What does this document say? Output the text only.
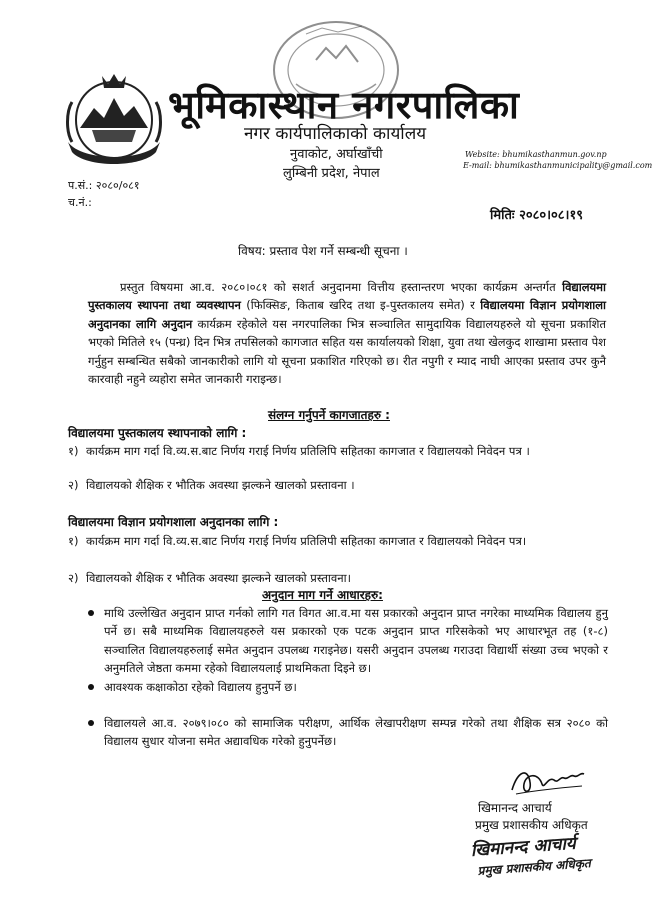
भूमिकास्थान नगरपालिका
नगर कार्यपालिकाको कार्यालय
नुवाकोट, अर्घाखाँची
लुम्बिनी प्रदेश, नेपाल
Website: bhumikasthanmun.gov.np
E-mail: bhumikasthanmunicipality@gmail.com
प.सं.: २०८०/०८१
च.नं.:
मितिः २०८०।०८।१९
विषय: प्रस्ताव पेश गर्ने सम्बन्धी सूचना ।
प्रस्तुत विषयमा आ.व. २०८०।०८१ को सशर्त अनुदानमा वित्तीय हस्तान्तरण भएका कार्यक्रम अन्तर्गत विद्यालयमा पुस्तकालय स्थापना तथा व्यवस्थापन (फिक्सिङ, किताब खरिद तथा इ-पुस्तकालय समेत) र विद्यालयमा विज्ञान प्रयोगशाला अनुदानका लागि अनुदान कार्यक्रम रहेकोले यस नगरपालिका भित्र सञ्चालित सामुदायिक विद्यालयहरुले यो सूचना प्रकाशित भएको मितिले १५ (पन्ध्र) दिन भित्र तपसिलको कागजात सहित यस कार्यालयको शिक्षा, युवा तथा खेलकुद शाखामा प्रस्ताव पेश गर्नुहुन सम्बन्धित सबैको जानकारीको लागि यो सूचना प्रकाशित गरिएको छ। रीत नपुगी र म्याद नाघी आएका प्रस्ताव उपर कुनै कारवाही नहुने व्यहोरा समेत जानकारी गराइन्छ।
संलग्न गर्नुपर्ने कागजातहरु :
विद्यालयमा पुस्तकालय स्थापनाको लागि :
१) कार्यक्रम माग गर्दा वि.व्य.स.बाट निर्णय गराई निर्णय प्रतिलिपि सहितका कागजात र विद्यालयको निवेदन पत्र ।
२) विद्यालयको शैक्षिक र भौतिक अवस्था झल्कने खालको प्रस्तावना ।
विद्यालयमा विज्ञान प्रयोगशाला अनुदानका लागि :
१) कार्यक्रम माग गर्दा वि.व्य.स.बाट निर्णय गराई निर्णय प्रतिलिपी सहितका कागजात र विद्यालयको निवेदन पत्र।
२) विद्यालयको शैक्षिक र भौतिक अवस्था झल्कने खालको प्रस्तावना।
अनुदान माग गर्ने आधारहरु:
माथि उल्लेखित अनुदान प्राप्त गर्नको लागि गत विगत आ.व.मा यस प्रकारको अनुदान प्राप्त नगरेका माध्यमिक विद्यालय हुनु पर्ने छ। सबै माध्यमिक विद्यालयहरुले यस प्रकारको एक पटक अनुदान प्राप्त गरिसकेको भए आधारभूत तह (१-८) सञ्चालित विद्यालयहरुलाई समेत अनुदान उपलब्ध गराइनेछ। यसरी अनुदान उपलब्ध गराउदा विद्यार्थी संख्या उच्च भएको र अनुमतिले जेष्ठता कममा रहेको विद्यालयलाई प्राथमिकता दिइने छ।
आवश्यक कक्षाकोठा रहेको विद्यालय हुनुपर्ने छ।
विद्यालयले आ.व. २०७९।०८० को सामाजिक परीक्षण, आर्थिक लेखापरीक्षण सम्पन्न गरेको तथा शैक्षिक सत्र २०८० को विद्यालय सुधार योजना समेत अद्यावधिक गरेको हुनुपर्नेछ।
खिमानन्द आचार्य
प्रमुख प्रशासकीय अधिकृत
खिमानन्द आचार्य
प्रमुख प्रशासकीय अधिकृत
